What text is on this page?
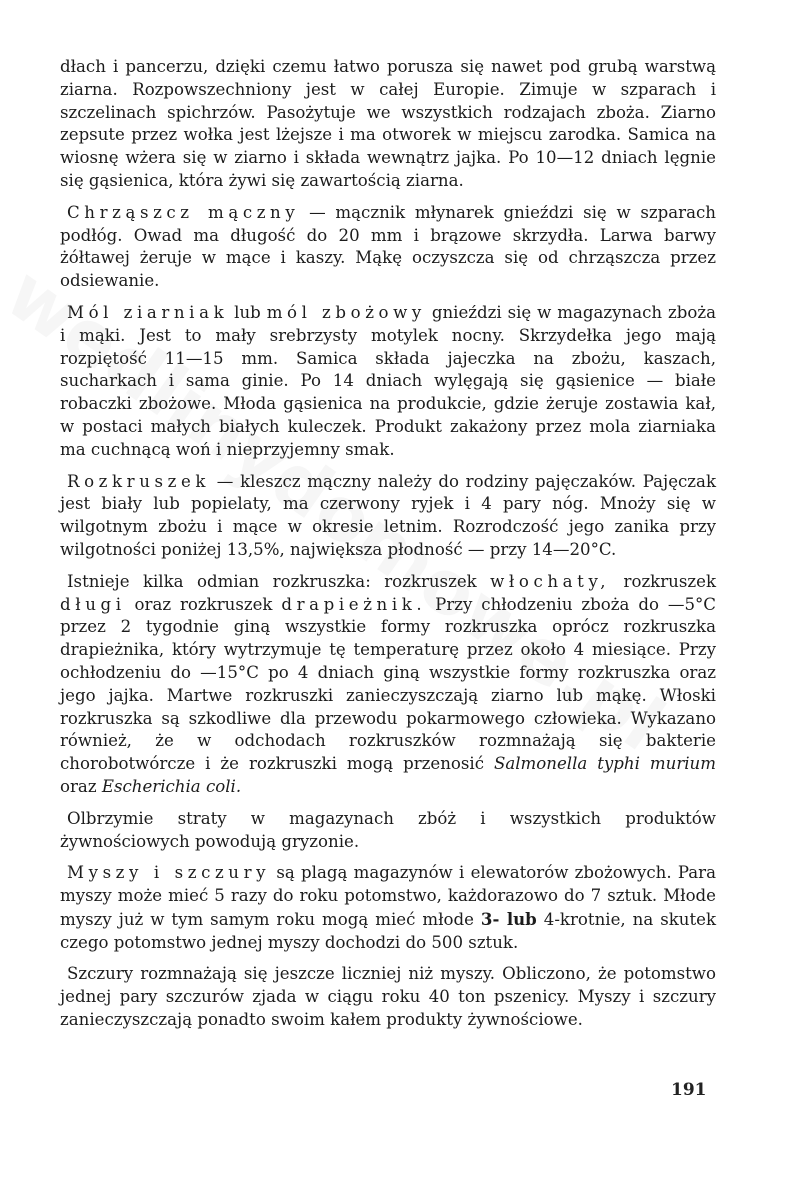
dłach i pancerzu, dzięki czemu łatwo porusza się nawet pod grubą warstwą ziarna. Rozpowszechniony jest w całej Europie. Zimuje w szparach i szczelinach spichrzów. Pasożytuje we wszystkich rodzajach zboża. Ziarno zepsute przez wołka jest lżejsze i ma otworek w miejscu zarodka. Samica na wiosnę wżera się w ziarno i składa wewnątrz jajka. Po 10—12 dniach lęgnie się gąsienica, która żywi się zawartością ziarna.

Chrząszcz mączny — mącznik młynarek gnieździ się w szparach podłóg. Owad ma długość do 20 mm i brązowe skrzydła. Larwa barwy żółtawej żeruje w mące i kaszy. Mąkę oczyszcza się od chrząszcza przez odsiewanie.

Mól ziarniak lub mól zbożowy gnieździ się w magazynach zboża i mąki. Jest to mały srebrzysty motylek nocny. Skrzydełka jego mają rozpiętość 11—15 mm. Samica składa jajeczka na zbożu, kaszach, sucharkach i sama ginie. Po 14 dniach wylęgają się gąsienice — białe robaczki zbożowe. Młoda gąsienica na produkcie, gdzie żeruje zostawia kał, w postaci małych białych kuleczek. Produkt zakażony przez mola ziarniaka ma cuchnącą woń i nieprzyjemny smak.

Rozkruszek — kleszcz mączny należy do rodziny pajęczaków. Pajęczak jest biały lub popielaty, ma czerwony ryjek i 4 pary nóg. Mnoży się w wilgotnym zbożu i mące w okresie letnim. Rozrodczość jego zanika przy wilgotności poniżej 13,5%, największa płodność — przy 14—20°C.

Istnieje kilka odmian rozkruszka: rozkruszek włochaty, rozkruszek długi oraz rozkruszek drapieżnik. Przy chłodzeniu zboża do —5°C przez 2 tygodnie giną wszystkie formy rozkruszka oprócz rozkruszka drapieżnika, który wytrzymuje tę temperaturę przez około 4 miesiące. Przy ochłodzeniu do —15°C po 4 dniach giną wszystkie formy rozkruszka oraz jego jajka. Martwe rozkruszki zanieczyszczają ziarno lub mąkę. Włoski rozkruszka są szkodliwe dla przewodu pokarmowego człowieka. Wykazano również, że w odchodach rozkruszków rozmnażają się bakterie chorobotwórcze i że rozkruszki mogą przenosić Salmonella typhi murium oraz Escherichia coli.

Olbrzymie straty w magazynach zbóż i wszystkich produktów żywnościowych powodują gryzonie.

Myszy i szczury są plagą magazynów i elewatorów zbożowych. Para myszy może mieć 5 razy do roku potomstwo, każdorazowo do 7 sztuk. Młode myszy już w tym samym roku mogą mieć młode 3- lub 4-krotnie, na skutek czego potomstwo jednej myszy dochodzi do 500 sztuk.

Szczury rozmnażają się jeszcze liczniej niż myszy. Obliczono, że potomstwo jednej pary szczurów zjada w ciągu roku 40 ton pszenicy. Myszy i szczury zanieczyszczają ponadto swoim kałem produkty żywnościowe.

191
